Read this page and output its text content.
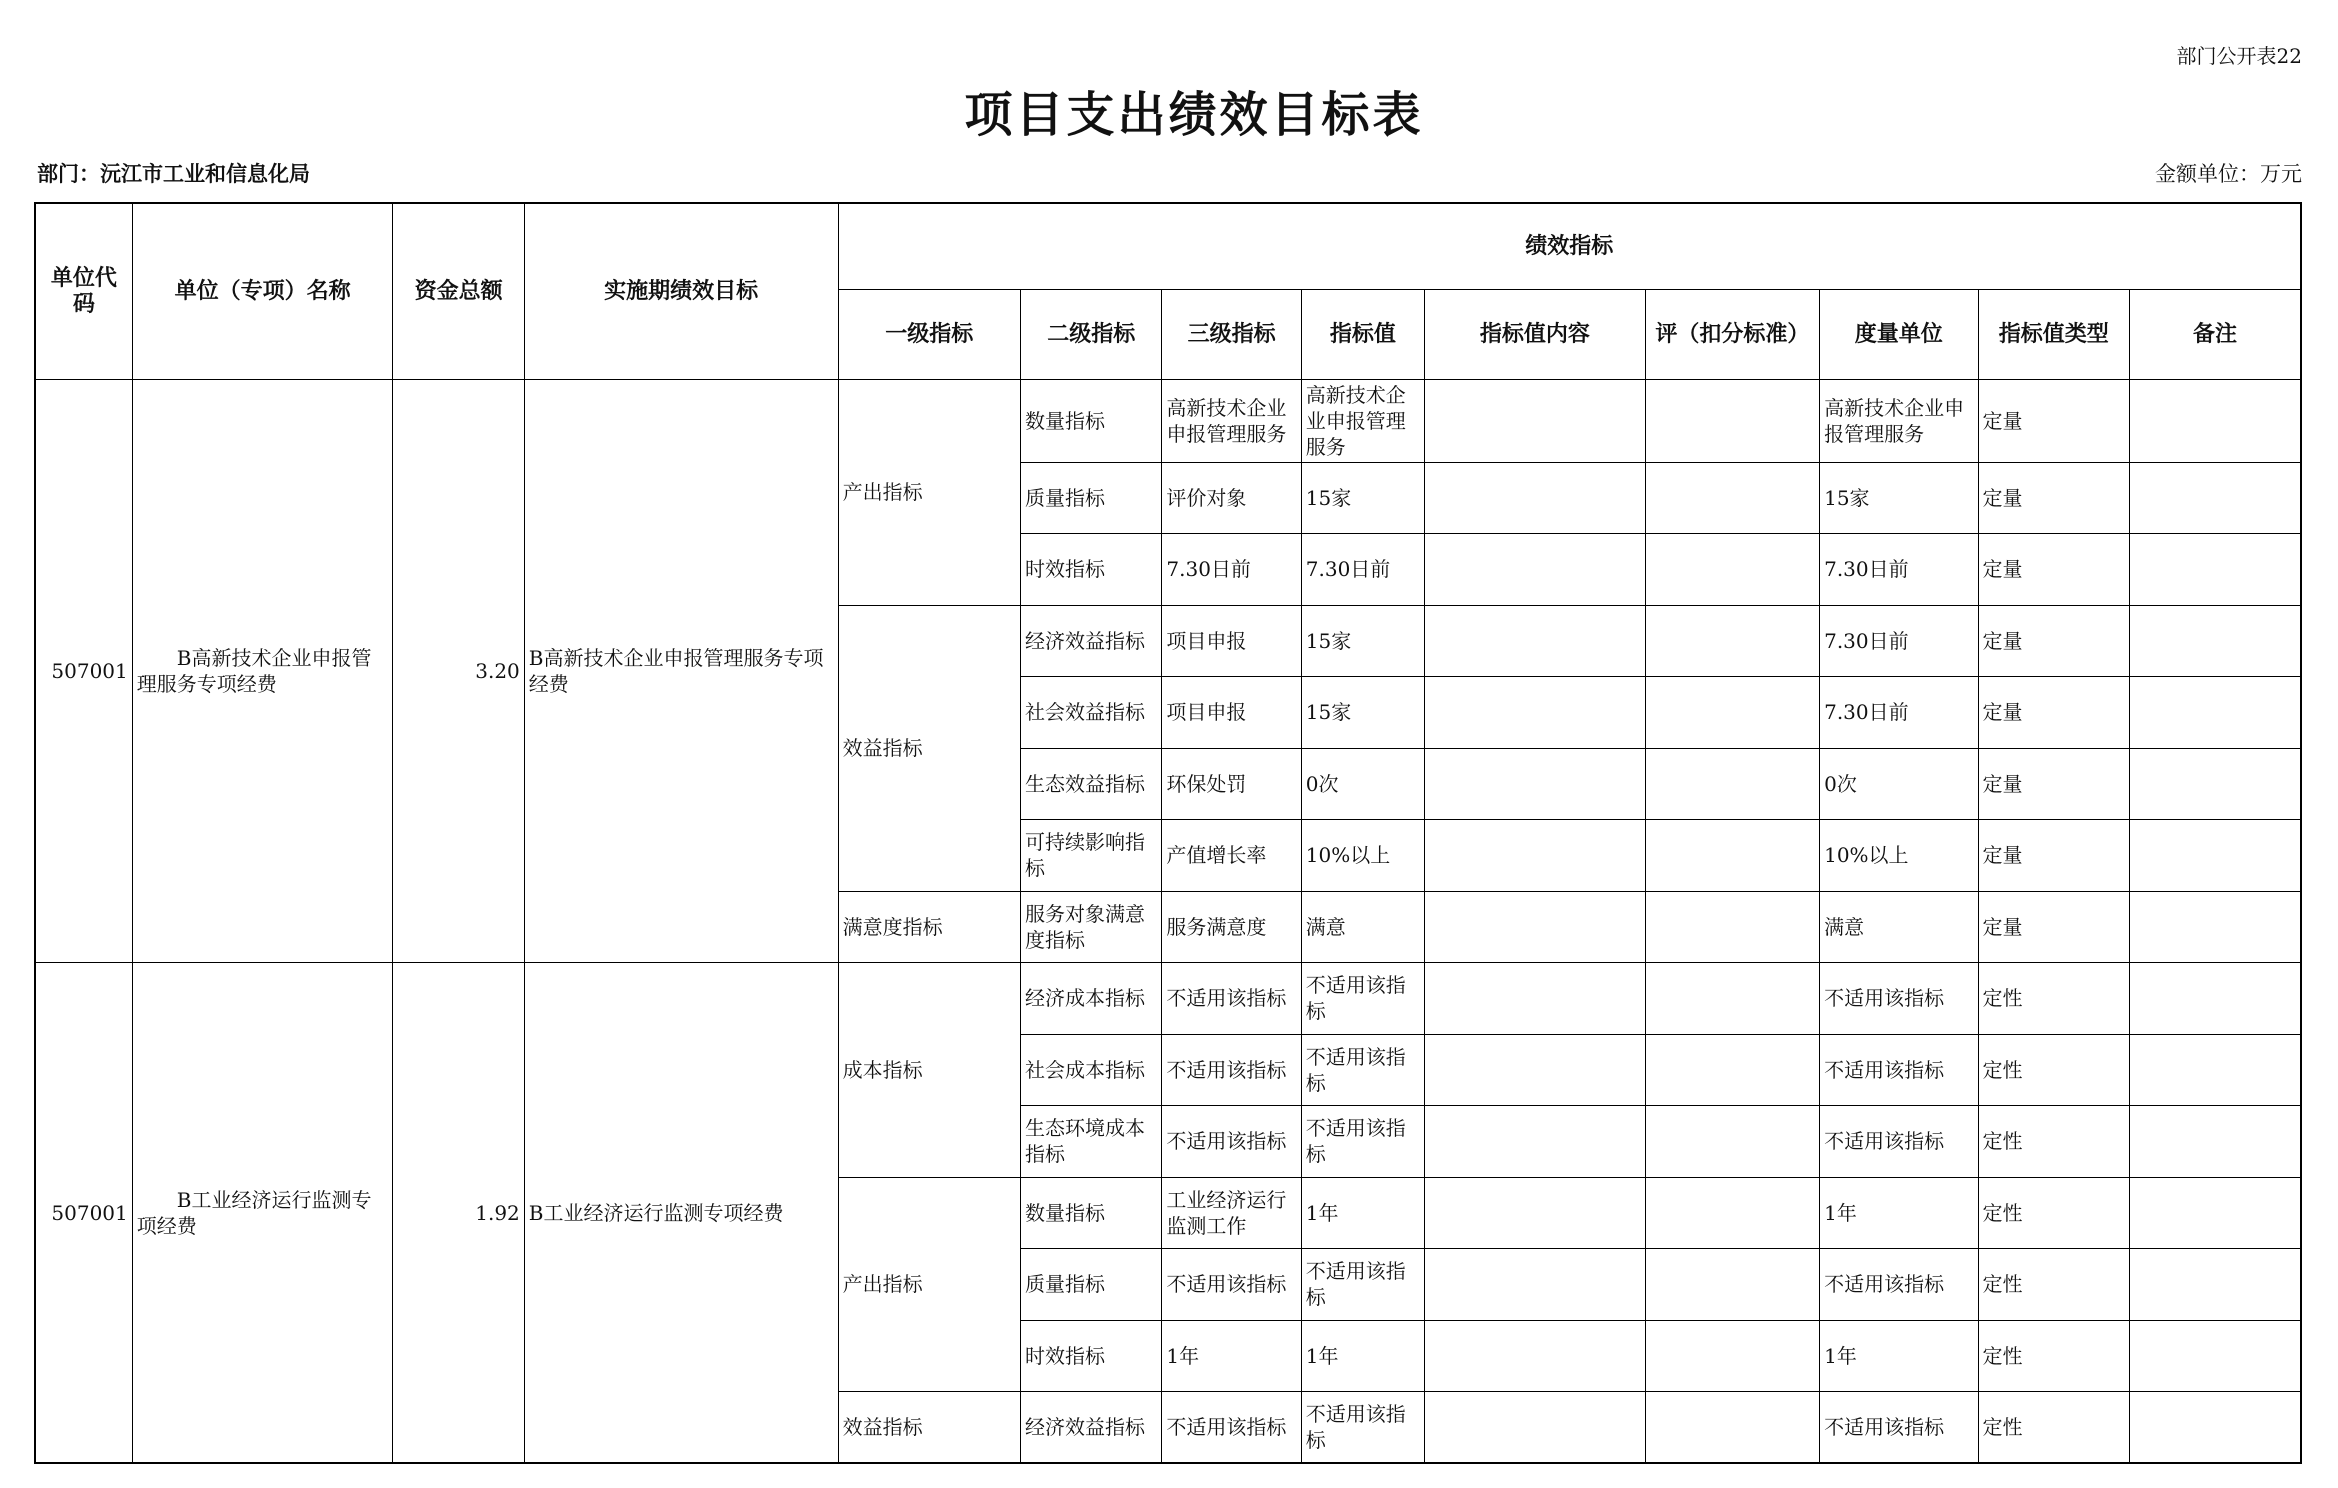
部门公开表22
项目支出绩效目标表
部门：沅江市工业和信息化局	金额单位：万元
单位代码	单位（专项）名称	资金总额	实施期绩效目标	绩效指标								
				一级指标	二级指标	三级指标	指标值	指标值内容	评（扣分标准）	度量单位	指标值类型	备注
507001	　　B高新技术企业申报管理服务专项经费	3.20	B高新技术企业申报管理服务专项经费	产出指标	数量指标	高新技术企业申报管理服务	高新技术企业申报管理服务			高新技术企业申报管理服务	定量	
					质量指标	评价对象	15家			15家	定量	
					时效指标	7.30日前	7.30日前			7.30日前	定量	
				效益指标	经济效益指标	项目申报	15家			7.30日前	定量	
					社会效益指标	项目申报	15家			7.30日前	定量	
					生态效益指标	环保处罚	0次			0次	定量	
					可持续影响指标	产值增长率	10%以上			10%以上	定量	
				满意度指标	服务对象满意度指标	服务满意度	满意			满意	定量	
507001	　　B工业经济运行监测专项经费	1.92	B工业经济运行监测专项经费	成本指标	经济成本指标	不适用该指标	不适用该指标			不适用该指标	定性	
					社会成本指标	不适用该指标	不适用该指标			不适用该指标	定性	
					生态环境成本指标	不适用该指标	不适用该指标			不适用该指标	定性	
				产出指标	数量指标	工业经济运行监测工作	1年			1年	定性	
					质量指标	不适用该指标	不适用该指标			不适用该指标	定性	
					时效指标	1年	1年			1年	定性	
				效益指标	经济效益指标	不适用该指标	不适用该指标			不适用该指标	定性	
